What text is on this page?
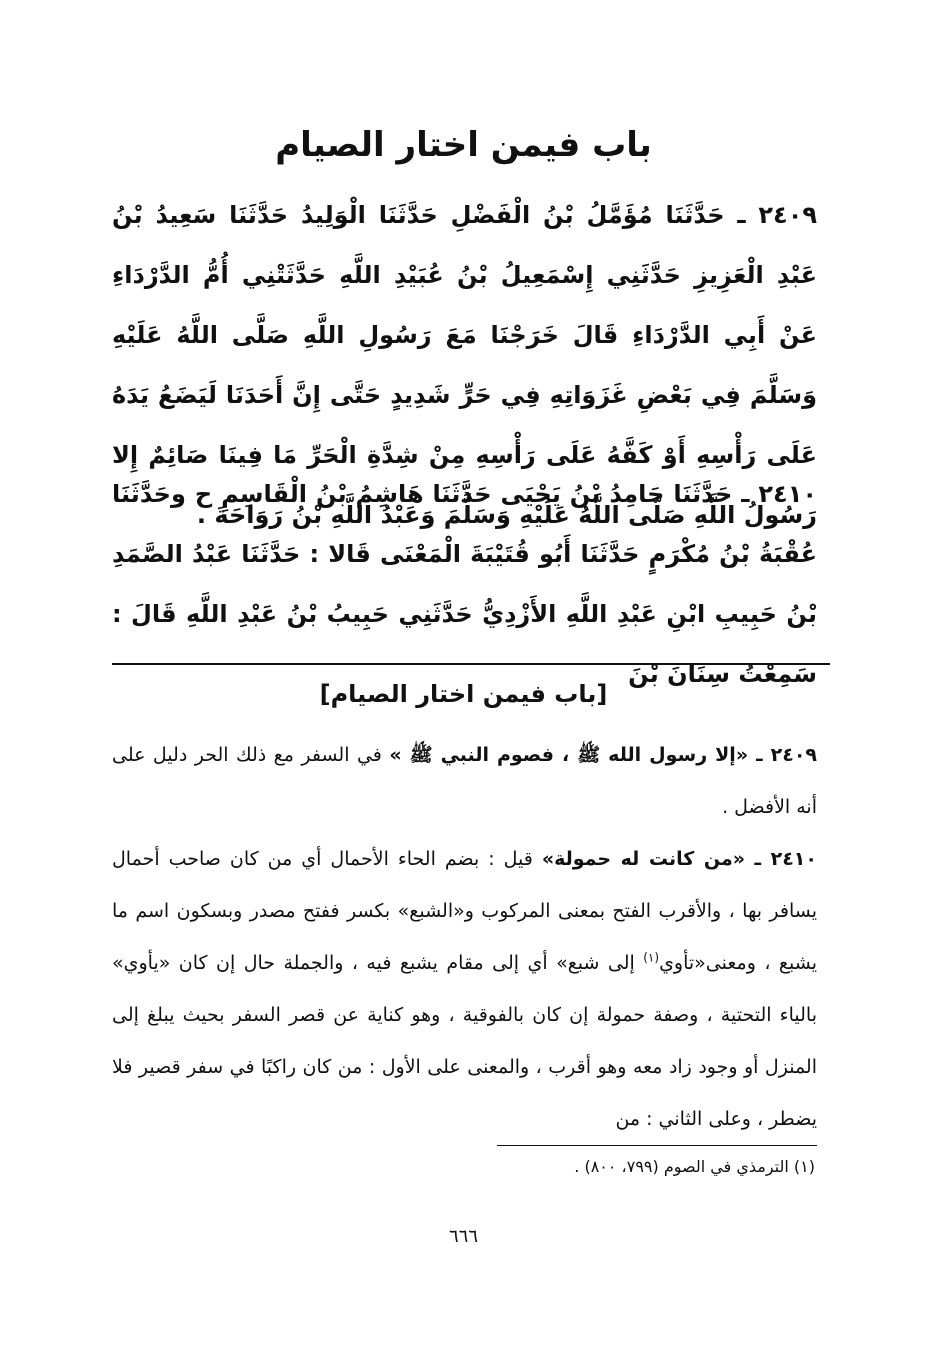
باب فيمن اختار الصيام
٢٤٠٩ ـ حَدَّثَنَا مُؤَمَّلُ بْنُ الْفَضْلِ حَدَّثَنَا الْوَلِيدُ حَدَّثَنَا سَعِيدُ بْنُ عَبْدِ الْعَزِيزِ حَدَّثَنِي إِسْمَعِيلُ بْنُ عُبَيْدِ اللَّهِ حَدَّثَتْنِي أُمُّ الدَّرْدَاءِ عَنْ أَبِي الدَّرْدَاءِ قَالَ خَرَجْنَا مَعَ رَسُولِ اللَّهِ صَلَّى اللَّهُ عَلَيْهِ وَسَلَّمَ فِي بَعْضِ غَزَوَاتِهِ فِي حَرٍّ شَدِيدٍ حَتَّى إِنَّ أَحَدَنَا لَيَضَعُ يَدَهُ عَلَى رَأْسِهِ أَوْ كَفَّهُ عَلَى رَأْسِهِ مِنْ شِدَّةِ الْحَرِّ مَا فِينَا صَائِمٌ إِلا رَسُولُ اللَّهِ صَلَّى اللَّهُ عَلَيْهِ وَسَلَّمَ وَعَبْدُ اللَّهِ بْنُ رَوَاحَةَ .
٢٤١٠ ـ حَدَّثَنَا حَامِدُ بْنُ يَحْيَى حَدَّثَنَا هَاشِمُ بْنُ الْقَاسِمِ ح وحَدَّثَنَا عُقْبَةُ بْنُ مُكْرَمٍ حَدَّثَنَا أَبُو قُتَيْبَةَ الْمَعْنَى قَالا : حَدَّثَنَا عَبْدُ الصَّمَدِ بْنُ حَبِيبِ ابْنِ عَبْدِ اللَّهِ الأَزْدِيُّ حَدَّثَنِي حَبِيبُ بْنُ عَبْدِ اللَّهِ قَالَ : سَمِعْتُ سِنَانَ بْنَ
[باب فيمن اختار الصيام]
٢٤٠٩ ـ «إلا رسول الله ﷺ ، فصوم النبي ﷺ » في السفر مع ذلك الحر دليل على أنه الأفضل .
٢٤١٠ ـ «من كانت له حمولة» قيل : بضم الحاء الأحمال أي من كان صاحب أحمال يسافر بها ، والأقرب الفتح بمعنى المركوب و«الشبع» بكسر ففتح مصدر وبسكون اسم ما يشبع ، ومعنى«تأوي$^{(١)}$ إلى شبع» أي إلى مقام يشبع فيه ، والجملة حال إن كان «يأوي» بالياء التحتية ، وصفة حمولة إن كان بالفوقية ، وهو كناية عن قصر السفر بحيث يبلغ إلى المنزل أو وجود زاد معه وهو أقرب ، والمعنى على الأول : من كان راكبًا في سفر قصير فلا يضطر ، وعلى الثاني : من
(١) الترمذي في الصوم (٧٩٩، ٨٠٠) .
٦٦٦
